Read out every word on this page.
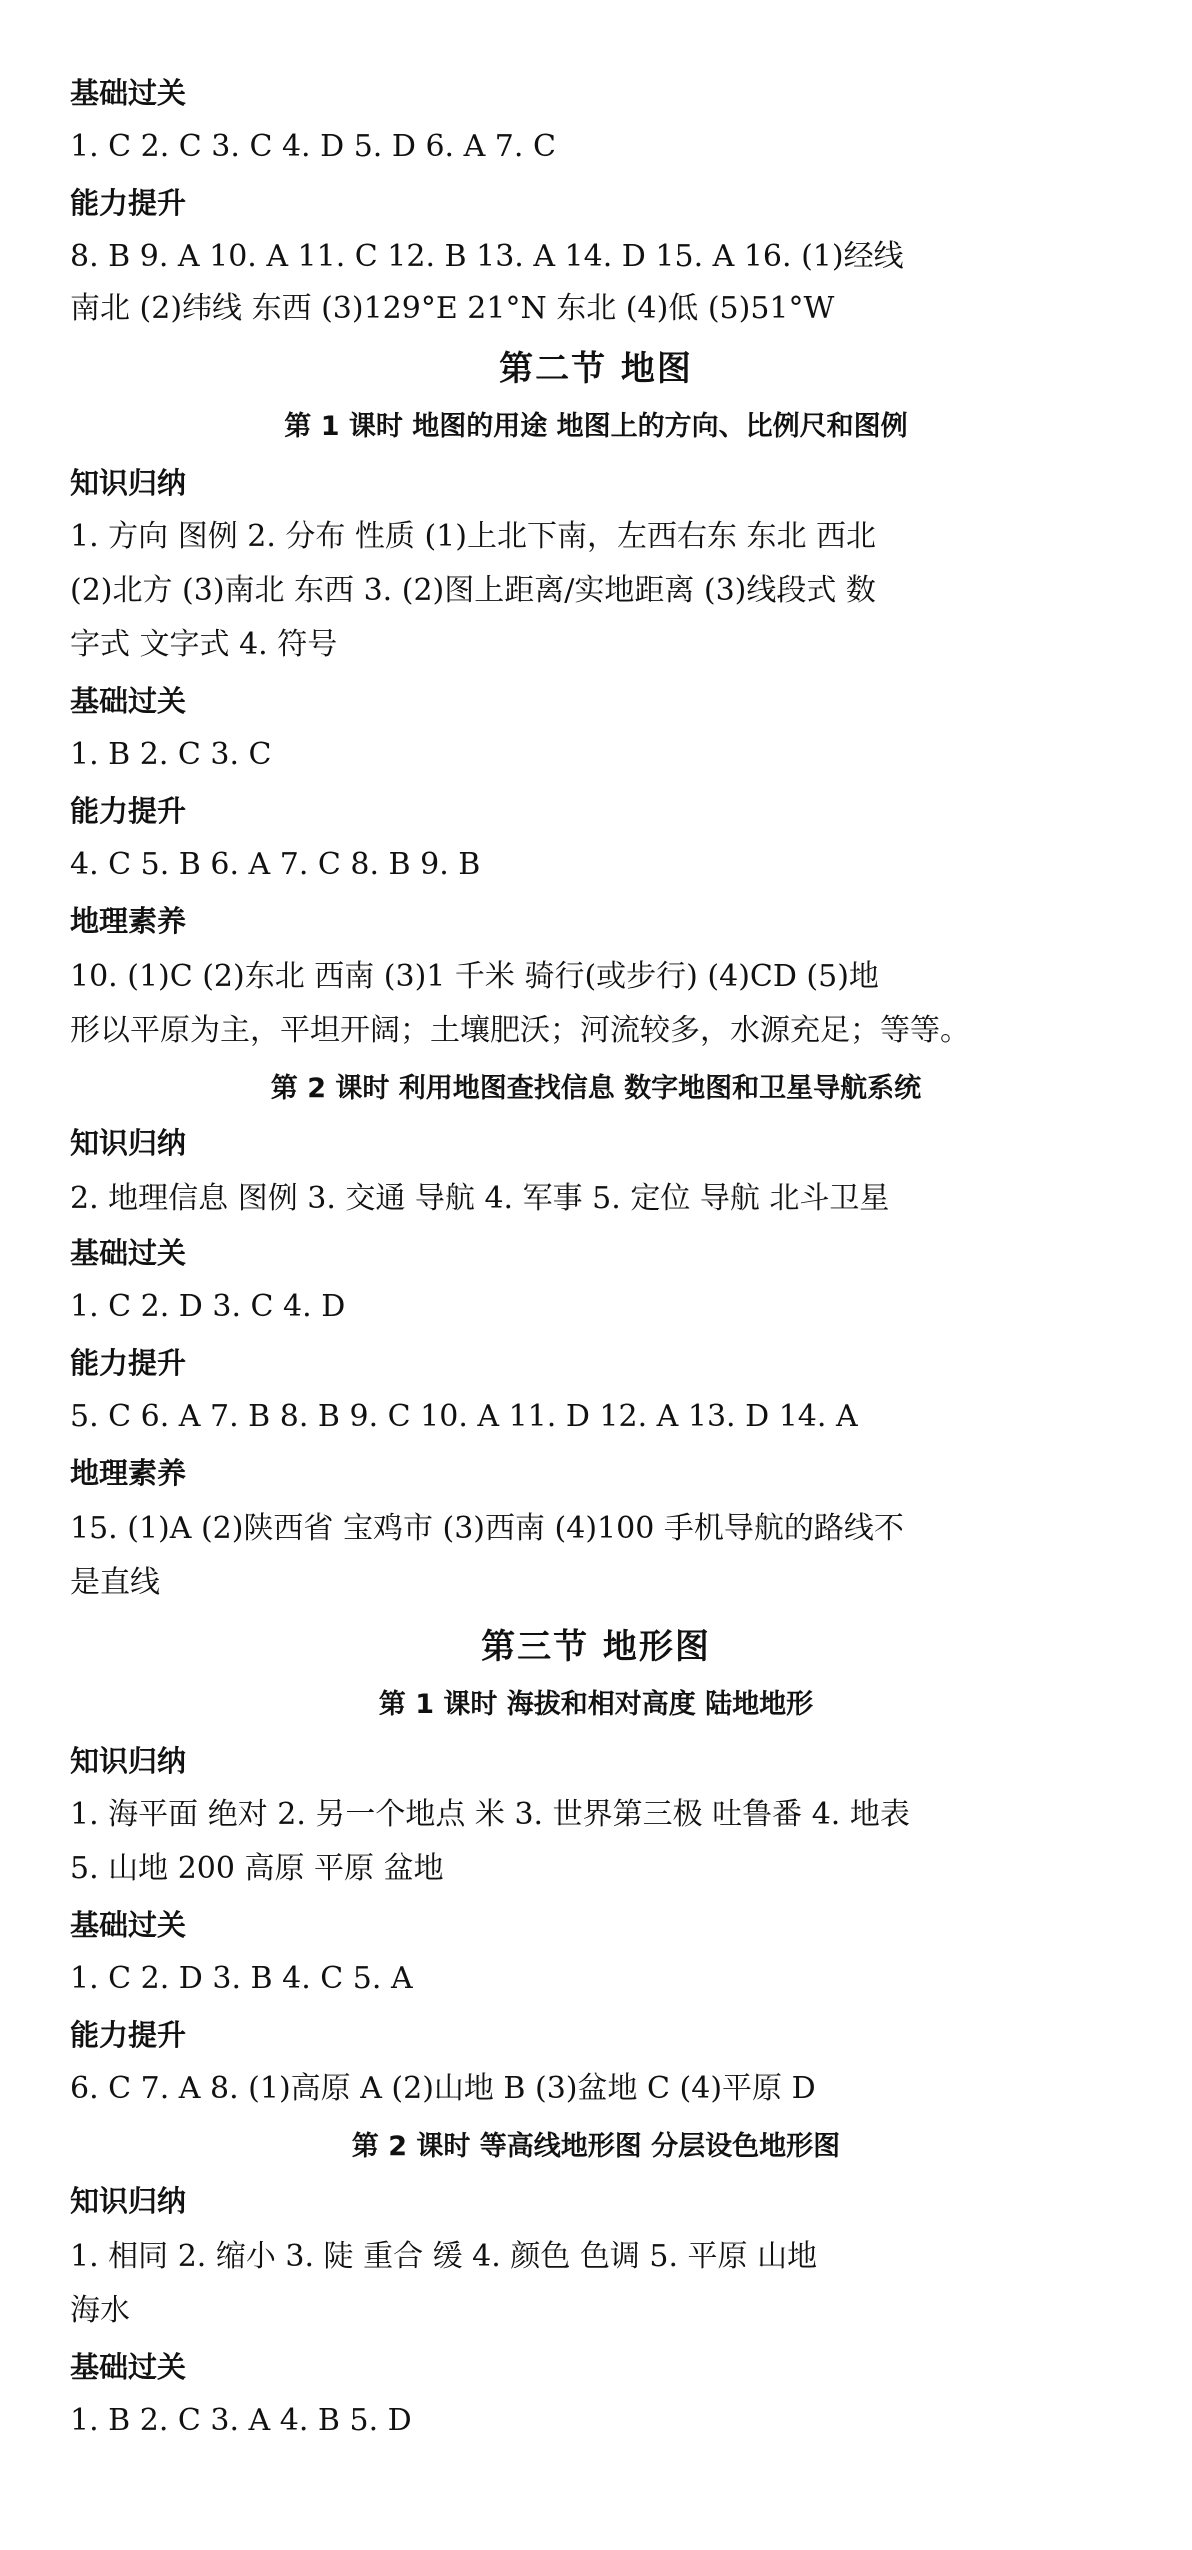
基础过关
1. C 2. C 3. C 4. D 5. D 6. A 7. C
能力提升
8. B 9. A 10. A 11. C 12. B 13. A 14. D 15. A 16. (1)经线
南北 (2)纬线 东西 (3)129°E 21°N 东北 (4)低 (5)51°W
第二节 地图
第 1 课时 地图的用途 地图上的方向、比例尺和图例
知识归纳
1. 方向 图例 2. 分布 性质 (1)上北下南，左西右东 东北 西北
(2)北方 (3)南北 东西 3. (2)图上距离/实地距离 (3)线段式 数
字式 文字式 4. 符号
基础过关
1. B 2. C 3. C
能力提升
4. C 5. B 6. A 7. C 8. B 9. B
地理素养
10. (1)C (2)东北 西南 (3)1 千米 骑行(或步行) (4)CD (5)地
形以平原为主，平坦开阔；土壤肥沃；河流较多，水源充足；等等。
第 2 课时 利用地图查找信息 数字地图和卫星导航系统
知识归纳
2. 地理信息 图例 3. 交通 导航 4. 军事 5. 定位 导航 北斗卫星
基础过关
1. C 2. D 3. C 4. D
能力提升
5. C 6. A 7. B 8. B 9. C 10. A 11. D 12. A 13. D 14. A
地理素养
15. (1)A (2)陕西省 宝鸡市 (3)西南 (4)100 手机导航的路线不
是直线
第三节 地形图
第 1 课时 海拔和相对高度 陆地地形
知识归纳
1. 海平面 绝对 2. 另一个地点 米 3. 世界第三极 吐鲁番 4. 地表
5. 山地 200 高原 平原 盆地
基础过关
1. C 2. D 3. B 4. C 5. A
能力提升
6. C 7. A 8. (1)高原 A (2)山地 B (3)盆地 C (4)平原 D
第 2 课时 等高线地形图 分层设色地形图
知识归纳
1. 相同 2. 缩小 3. 陡 重合 缓 4. 颜色 色调 5. 平原 山地
海水
基础过关
1. B 2. C 3. A 4. B 5. D
